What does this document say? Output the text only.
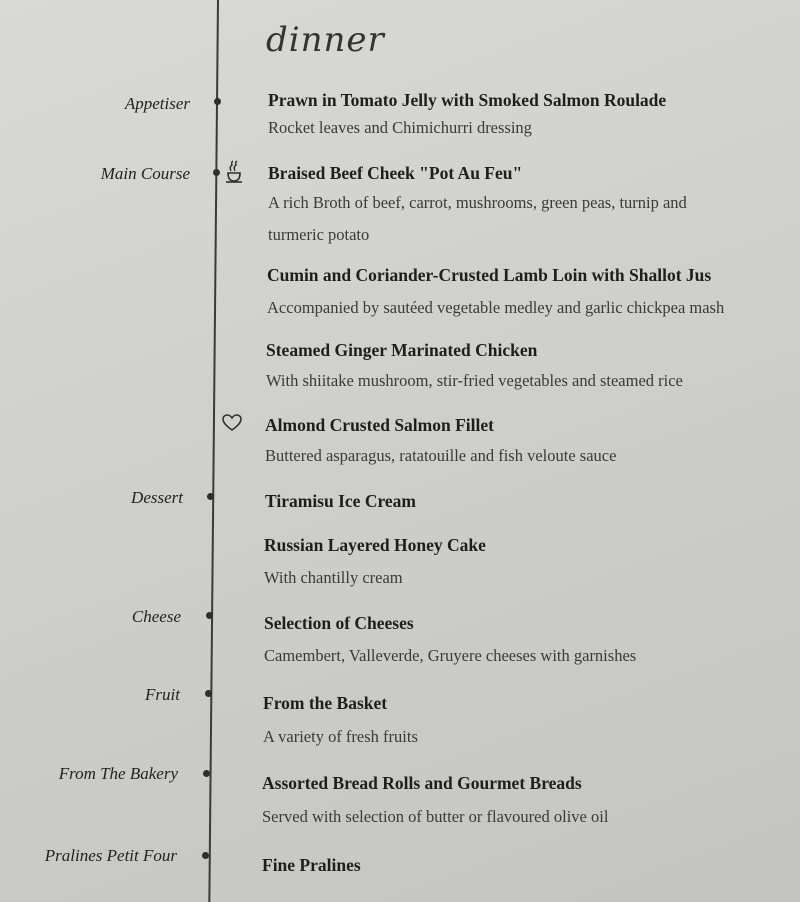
dinner
Appetiser	Prawn in Tomato Jelly with Smoked Salmon Roulade
Rocket leaves and Chimichurri dressing
Main Course	Braised Beef Cheek "Pot Au Feu"
A rich Broth of beef, carrot, mushrooms, green peas, turnip and
turmeric potato
Cumin and Coriander-Crusted Lamb Loin with Shallot Jus
Accompanied by sautéed vegetable medley and garlic chickpea mash
Steamed Ginger Marinated Chicken
With shiitake mushroom, stir-fried vegetables and steamed rice
Almond Crusted Salmon Fillet
Buttered asparagus, ratatouille and fish veloute sauce
Dessert	Tiramisu Ice Cream
Russian Layered Honey Cake
With chantilly cream
Cheese	Selection of Cheeses
Camembert, Valleverde, Gruyere cheeses with garnishes
Fruit	From the Basket
A variety of fresh fruits
From The Bakery	Assorted Bread Rolls and Gourmet Breads
Served with selection of butter or flavoured olive oil
Pralines Petit Four	Fine Pralines
